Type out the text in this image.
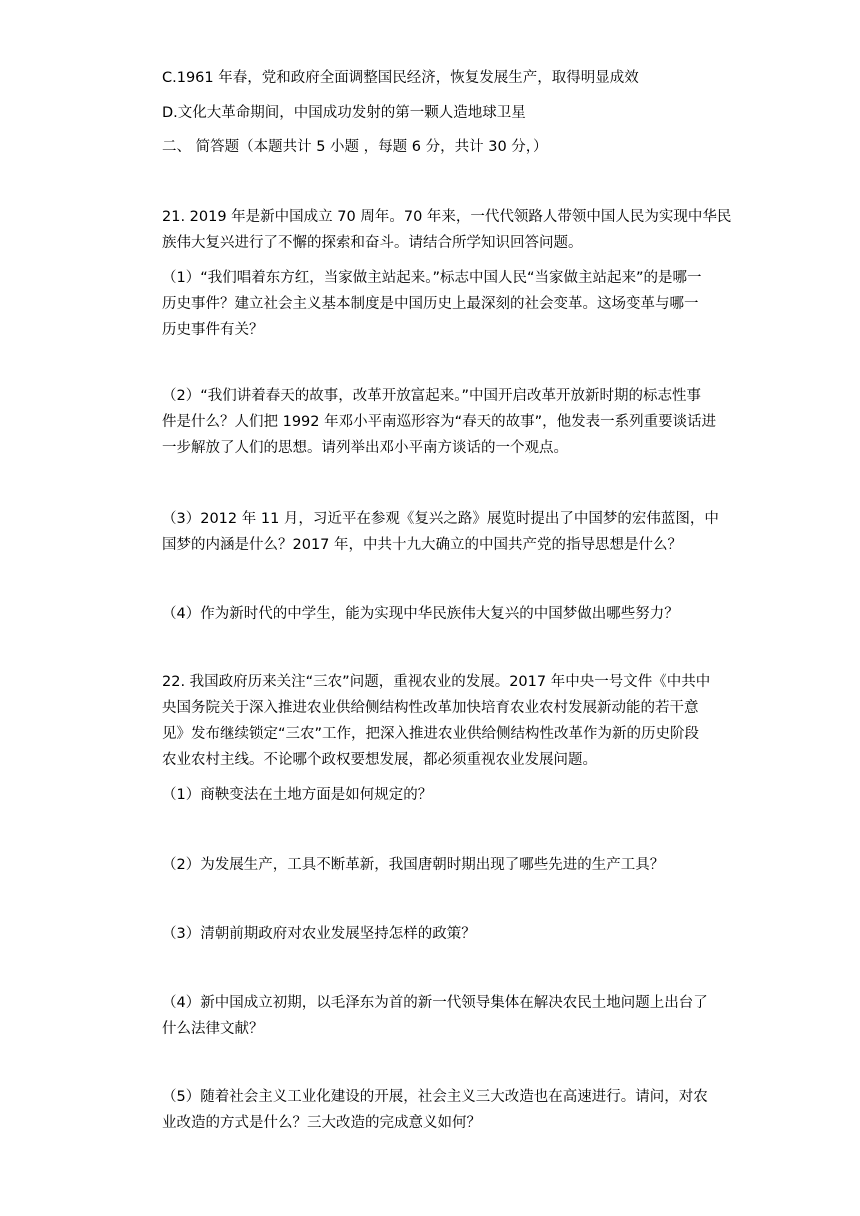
C.1961 年春，党和政府全面调整国民经济，恢复发展生产，取得明显成效
D.文化大革命期间，中国成功发射的第一颗人造地球卫星
二、 简答题（本题共计 5 小题 ，每题 6 分，共计 30 分，）
21. 2019 年是新中国成立 70 周年。70 年来，一代代领路人带领中国人民为实现中华民
族伟大复兴进行了不懈的探索和奋斗。请结合所学知识回答问题。
（1）“我们唱着东方红，当家做主站起来。”标志中国人民“当家做主站起来”的是哪一
历史事件？建立社会主义基本制度是中国历史上最深刻的社会变革。这场变革与哪一
历史事件有关？
（2）“我们讲着春天的故事，改革开放富起来。”中国开启改革开放新时期的标志性事
件是什么？人们把 1992 年邓小平南巡形容为“春天的故事”，他发表一系列重要谈话进
一步解放了人们的思想。请列举出邓小平南方谈话的一个观点。
（3）2012 年 11 月，习近平在参观《复兴之路》展览时提出了中国梦的宏伟蓝图，中
国梦的内涵是什么？2017 年，中共十九大确立的中国共产党的指导思想是什么？
（4）作为新时代的中学生，能为实现中华民族伟大复兴的中国梦做出哪些努力？
22. 我国政府历来关注“三农”问题，重视农业的发展。2017 年中央一号文件《中共中
央国务院关于深入推进农业供给侧结构性改革加快培育农业农村发展新动能的若干意
见》发布继续锁定“三农”工作，把深入推进农业供给侧结构性改革作为新的历史阶段
农业农村主线。不论哪个政权要想发展，都必须重视农业发展问题。
（1）商鞅变法在土地方面是如何规定的？
（2）为发展生产，工具不断革新，我国唐朝时期出现了哪些先进的生产工具？
（3）清朝前期政府对农业发展坚持怎样的政策？
（4）新中国成立初期，以毛泽东为首的新一代领导集体在解决农民土地问题上出台了
什么法律文献？
（5）随着社会主义工业化建设的开展，社会主义三大改造也在高速进行。请问，对农
业改造的方式是什么？三大改造的完成意义如何？
